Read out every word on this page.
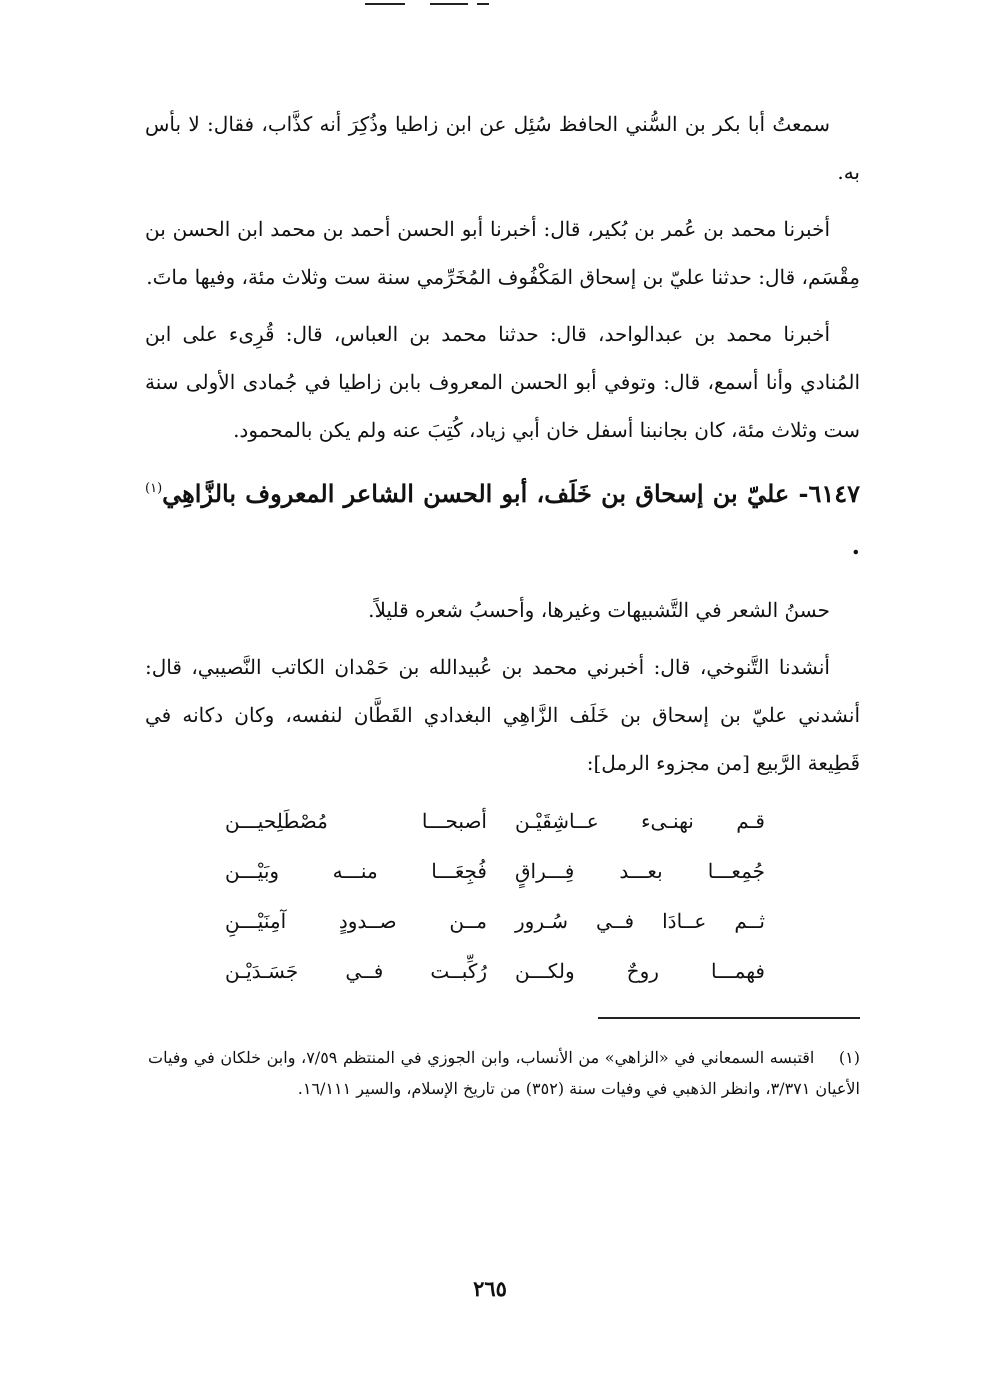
سمعتُ أبا بكر بن السُّني الحافظ سُئِل عن ابن زاطيا وذُكِرَ أنه كذَّاب، فقال: لا بأس به.

أخبرنا محمد بن عُمر بن بُكير، قال: أخبرنا أبو الحسن أحمد بن محمد ابن الحسن بن مِقْسَم، قال: حدثنا عليّ بن إسحاق المَكْفُوف المُخَرِّمي سنة ست وثلاث مئة، وفيها ماتَ.

أخبرنا محمد بن عبدالواحد، قال: حدثنا محمد بن العباس، قال: قُرِىء على ابن المُنادي وأنا أسمع، قال: وتوفي أبو الحسن المعروف بابن زاطيا في جُمادى الأولى سنة ست وثلاث مئة، كان بجانبنا أسفل خان أبي زياد، كُتِبَ عنه ولم يكن بالمحمود.

٦١٤٧- عليّ بن إسحاق بن خَلَف، أبو الحسن الشاعر المعروف بالزَّاهِي$^{(١)}$ .

حسنُ الشعر في التَّشبيهات وغيرها، وأحسبُ شعره قليلاً.

أنشدنا التَّنوخي، قال: أخبرني محمد بن عُبيدالله بن حَمْدان الكاتب النَّصيبي، قال: أنشدني عليّ بن إسحاق بن خَلَف الزَّاهِي البغدادي القَطَّان لنفسه، وكان دكانه في قَطِيعة الرَّبيع [من مجزوء الرمل]:

قـم نهنـىء عــاشِقَيْـن
أصبحـــا مُصْطَلِحيـــن
جُمِعـــا بعـــد فِـــراقٍ
فُجِعَـــا منـــه وبَيْـــن
ثــم عــادَا فــي سُـرور
مــن صــدودٍ آمِنَيْـــنِ
فهمـــا روحٌ ولكـــن
رُكِّبــت فــي جَسَـدَيْـن
(١) اقتبسه السمعاني في «الزاهي» من الأنساب، وابن الجوزي في المنتظم ٧/٥٩، وابن خلكان في وفيات الأعيان ٣/٣٧١، وانظر الذهبي في وفيات سنة (٣٥٢) من تاريخ الإسلام، والسير ١٦/١١١.
٢٦٥
